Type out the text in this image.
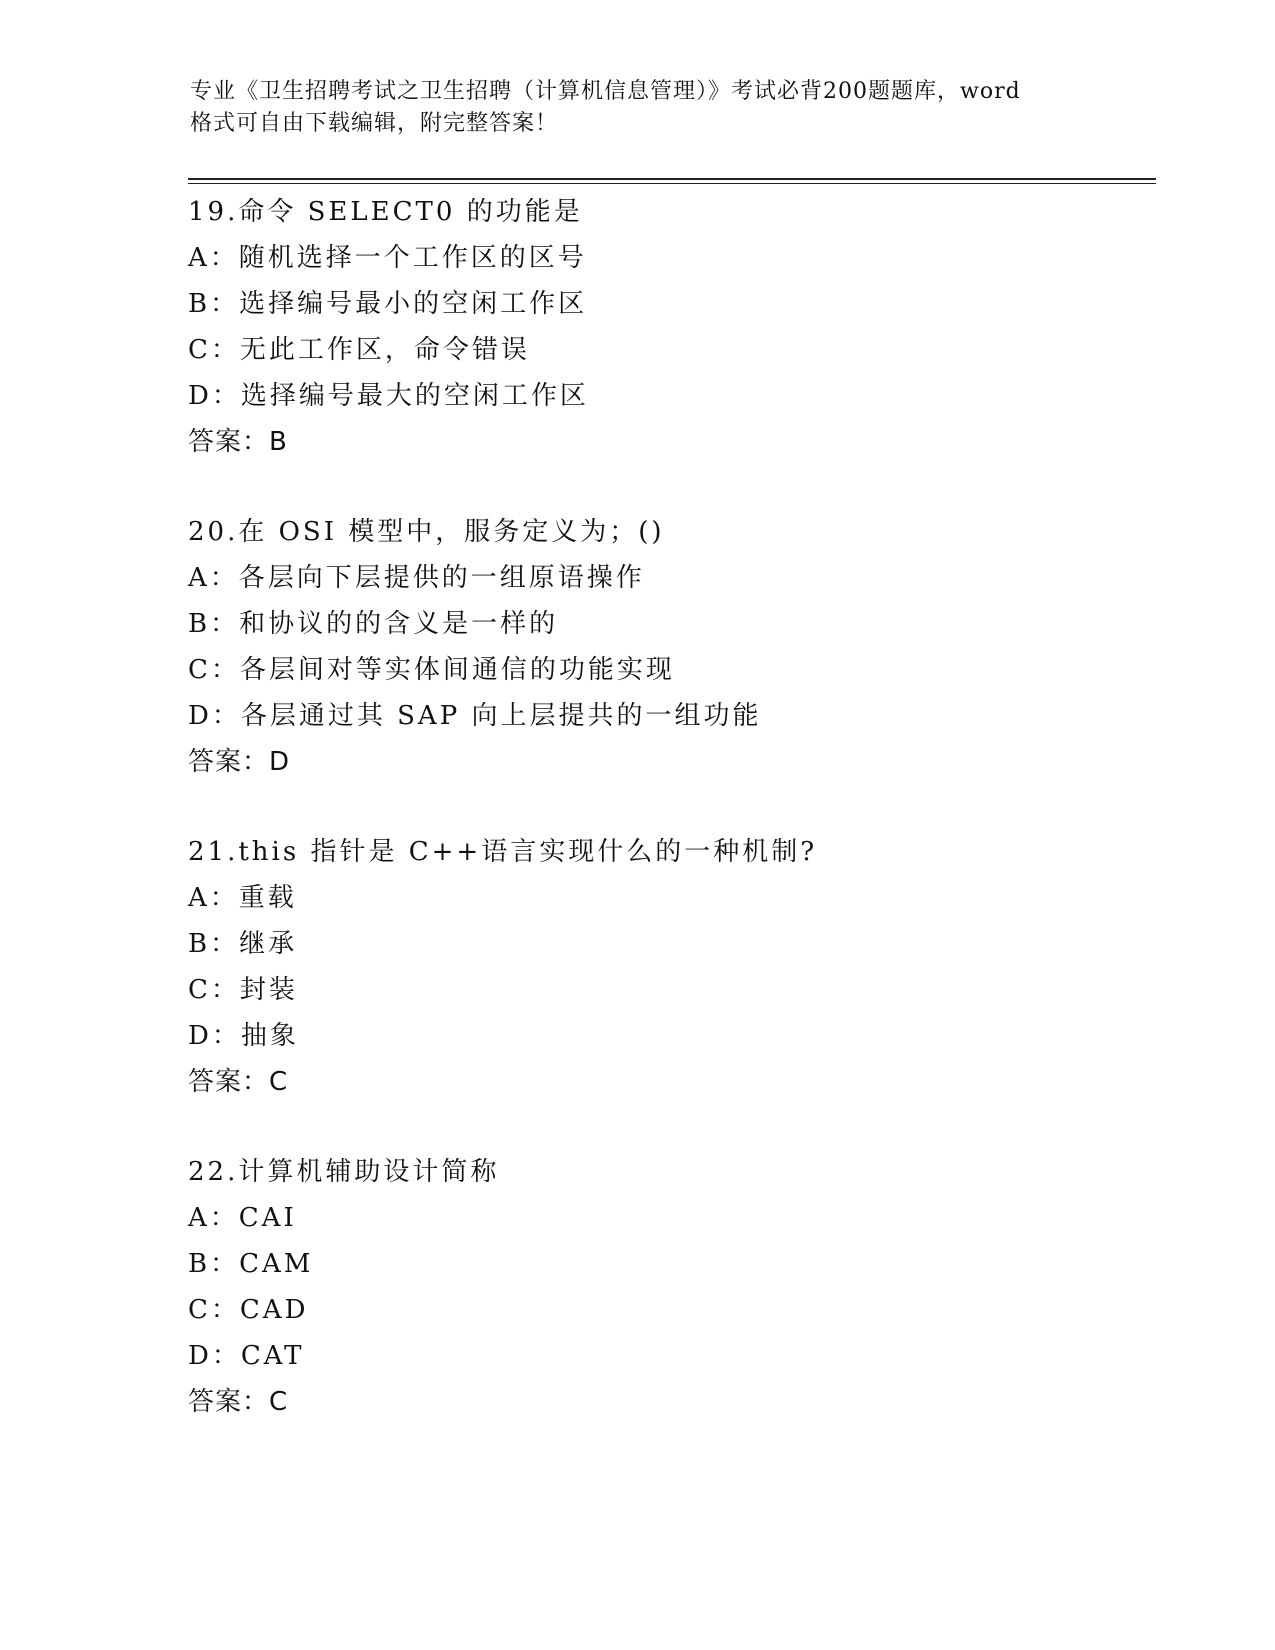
专业《卫生招聘考试之卫生招聘（计算机信息管理）》考试必背200题题库，word
格式可自由下载编辑，附完整答案！
19.命令 SELECT0 的功能是
A：随机选择一个工作区的区号
B：选择编号最小的空闲工作区
C：无此工作区，命令错误
D：选择编号最大的空闲工作区
答案：B
20.在 OSI 模型中，服务定义为；()
A：各层向下层提供的一组原语操作
B：和协议的的含义是一样的
C：各层间对等实体间通信的功能实现
D：各层通过其 SAP 向上层提共的一组功能
答案：D
21.this 指针是 C++语言实现什么的一种机制?
A：重载
B：继承
C：封装
D：抽象
答案：C
22.计算机辅助设计简称
A：CAI
B：CAM
C：CAD
D：CAT
答案：C
